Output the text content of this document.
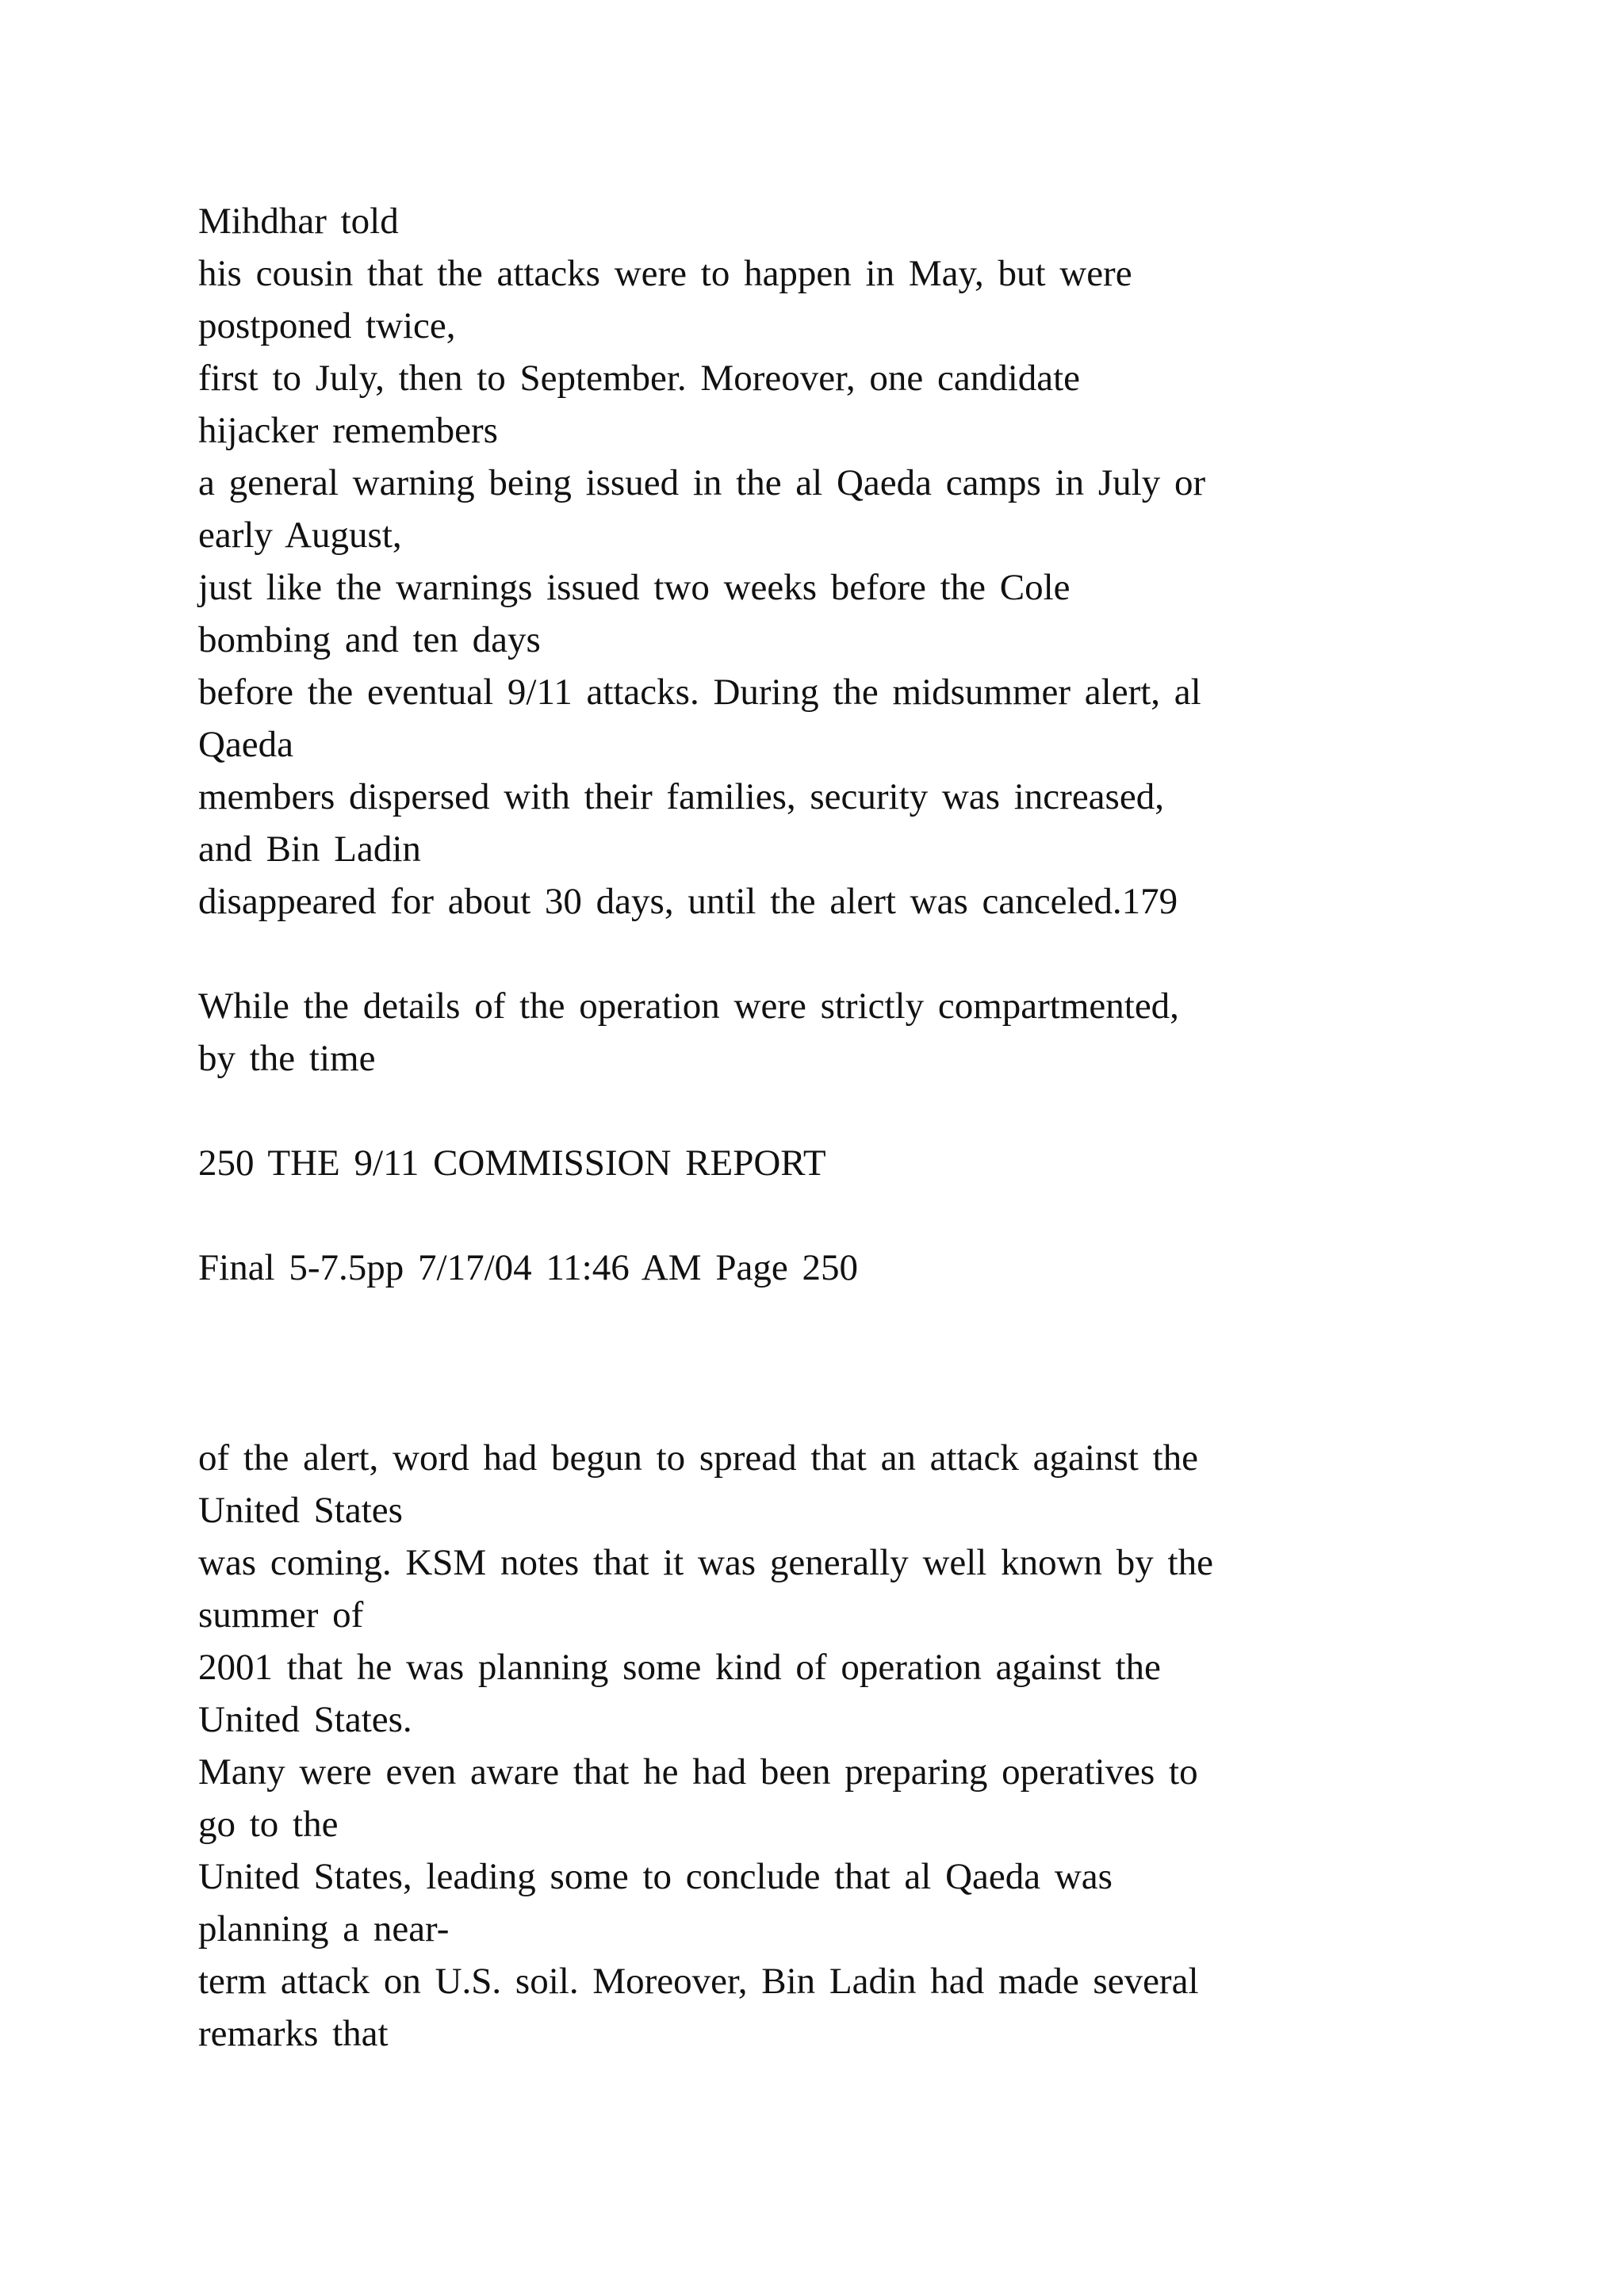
Mihdhar told
his cousin that the attacks were to happen in May, but were
postponed twice,
first to July, then to September. Moreover, one candidate
hijacker remembers
a general warning being issued in the al Qaeda camps in July or
early August,
just like the warnings issued two weeks before the Cole
bombing and ten days
before the eventual 9/11 attacks. During the midsummer alert, al
Qaeda
members dispersed with their families, security was increased,
and Bin Ladin
disappeared for about 30 days, until the alert was canceled.179
While the details of the operation were strictly compartmented,
by the time
250 THE 9/11 COMMISSION REPORT
Final 5-7.5pp 7/17/04 11:46 AM Page 250
of the alert, word had begun to spread that an attack against the
United States
was coming. KSM notes that it was generally well known by the
summer of
2001 that he was planning some kind of operation against the
United States.
Many were even aware that he had been preparing operatives to
go to the
United States, leading some to conclude that al Qaeda was
planning a near-
term attack on U.S. soil. Moreover, Bin Ladin had made several
remarks that
